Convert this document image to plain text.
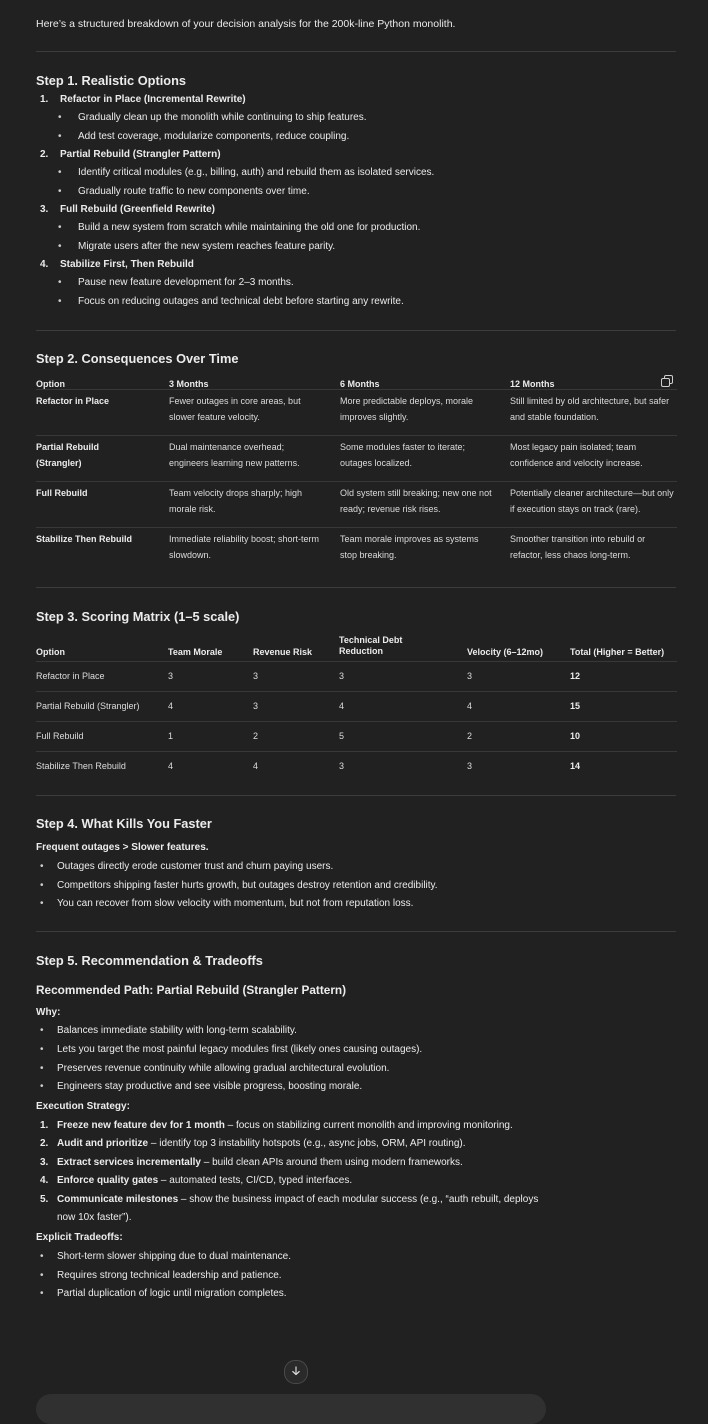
Here’s a structured breakdown of your decision analysis for the 200k-line Python monolith.

Step 1. Realistic Options

1. Refactor in Place (Incremental Rewrite)
• Gradually clean up the monolith while continuing to ship features.
• Add test coverage, modularize components, reduce coupling.
2. Partial Rebuild (Strangler Pattern)
• Identify critical modules (e.g., billing, auth) and rebuild them as isolated services.
• Gradually route traffic to new components over time.
3. Full Rebuild (Greenfield Rewrite)
• Build a new system from scratch while maintaining the old one for production.
• Migrate users after the new system reaches feature parity.
4. Stabilize First, Then Rebuild
• Pause new feature development for 2–3 months.
• Focus on reducing outages and technical debt before starting any rewrite.

Step 2. Consequences Over Time

Option	3 Months	6 Months	12 Months
Refactor in Place	Fewer outages in core areas, but slower feature velocity.	More predictable deploys, morale improves slightly.	Still limited by old architecture, but safer and stable foundation.
Partial Rebuild (Strangler)	Dual maintenance overhead; engineers learning new patterns.	Some modules faster to iterate; outages localized.	Most legacy pain isolated; team confidence and velocity increase.
Full Rebuild	Team velocity drops sharply; high morale risk.	Old system still breaking; new one not ready; revenue risk rises.	Potentially cleaner architecture—but only if execution stays on track (rare).
Stabilize Then Rebuild	Immediate reliability boost; short-term slowdown.	Team morale improves as systems stop breaking.	Smoother transition into rebuild or refactor, less chaos long-term.

Step 3. Scoring Matrix (1–5 scale)

Option	Team Morale	Revenue Risk	Technical Debt Reduction	Velocity (6–12mo)	Total (Higher = Better)
Refactor in Place	3	3	3	3	12
Partial Rebuild (Strangler)	4	3	4	4	15
Full Rebuild	1	2	5	2	10
Stabilize Then Rebuild	4	4	3	3	14

Step 4. What Kills You Faster

Frequent outages > Slower features.

• Outages directly erode customer trust and churn paying users.
• Competitors shipping faster hurts growth, but outages destroy retention and credibility.
• You can recover from slow velocity with momentum, but not from reputation loss.

Step 5. Recommendation & Tradeoffs

Recommended Path: Partial Rebuild (Strangler Pattern)

Why:

• Balances immediate stability with long-term scalability.
• Lets you target the most painful legacy modules first (likely ones causing outages).
• Preserves revenue continuity while allowing gradual architectural evolution.
• Engineers stay productive and see visible progress, boosting morale.

Execution Strategy:

1. Freeze new feature dev for 1 month – focus on stabilizing current monolith and improving monitoring.
2. Audit and prioritize – identify top 3 instability hotspots (e.g., async jobs, ORM, API routing).
3. Extract services incrementally – build clean APIs around them using modern frameworks.
4. Enforce quality gates – automated tests, CI/CD, typed interfaces.
5. Communicate milestones – show the business impact of each modular success (e.g., “auth rebuilt, deploys now 10x faster”).

Explicit Tradeoffs:

• Short-term slower shipping due to dual maintenance.
• Requires strong technical leadership and patience.
• Partial duplication of logic until migration completes.
